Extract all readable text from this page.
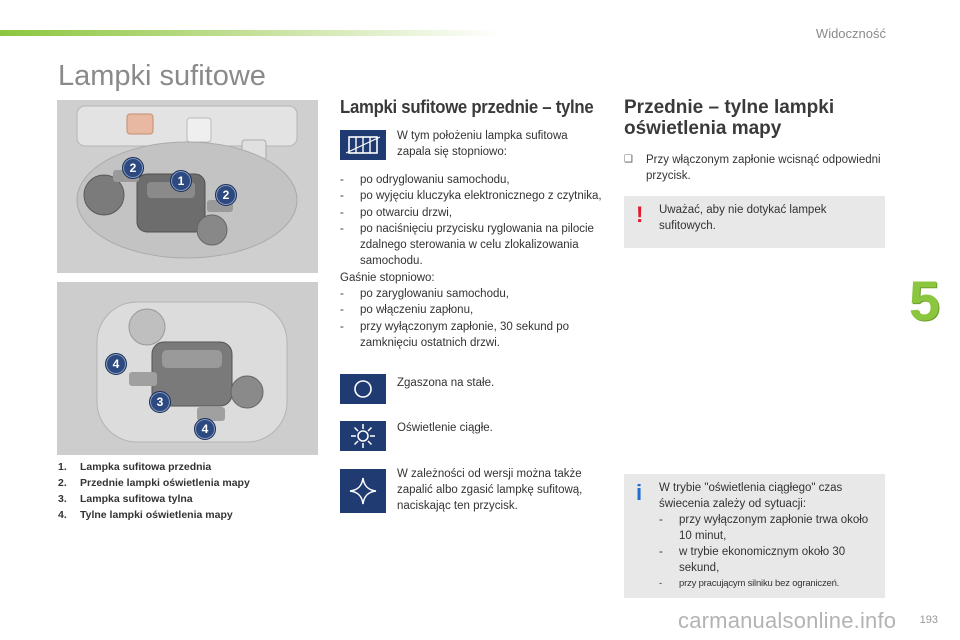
Widoczność
Lampki sufitowe
5
193
2
1
2
4
3
4
1. Lampka sufitowa przednia
2. Przednie lampki oświetlenia mapy
3. Lampka sufitowa tylna
4. Tylne lampki oświetlenia mapy
Lampki sufitowe przednie – tylne

W tym położeniu lampka sufitowa zapala się stopniowo:

- po odryglowaniu samochodu,
- po wyjęciu kluczyka elektronicznego z czytnika,
- po otwarciu drzwi,
- po naciśnięciu przycisku ryglowania na pilocie zdalnego sterowania w celu zlokalizowania samochodu.
Gaśnie stopniowo:
- po zaryglowaniu samochodu,
- po włączeniu zapłonu,
- przy wyłączonym zapłonie, 30 sekund po zamknięciu ostatnich drzwi.

Zgaszona na stałe.

Oświetlenie ciągłe.

W zależności od wersji można także zapalić albo zgasić lampkę sufitową, naciskając ten przycisk.

Przednie – tylne lampki oświetlenia mapy
❑	Przy włączonym zapłonie wcisnąć odpowiedni przycisk.
! Uważać, aby nie dotykać lampek sufitowych.
i W trybie "oświetlenia ciągłego" czas świecenia zależy od sytuacji:
- przy wyłączonym zapłonie trwa około 10 minut,
- w trybie ekonomicznym około 30 sekund,
- przy pracującym silniku bez ograniczeń.
carmanualsonline.info
